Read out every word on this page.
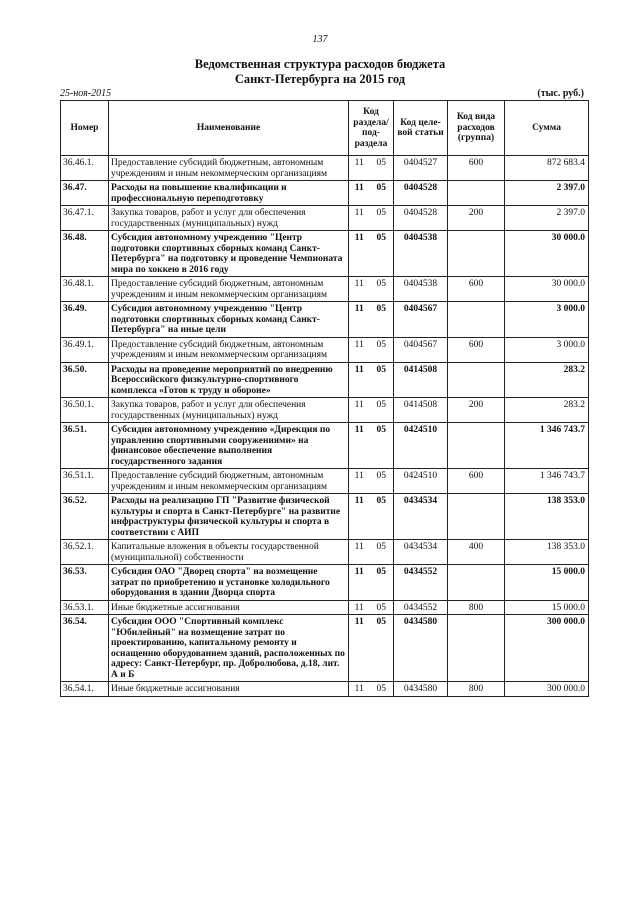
137
Ведомственная структура расходов бюджета
Санкт-Петербурга на 2015 год
25-ноя-2015	(тыс. руб.)
Номер	Наименование	Код раздела/ под-раздела		Код целе-вой статьи	Код вида расходов (группа)	Сумма
36.46.1.	Предоставление субсидий бюджетным, автономным учреждениям и иным некоммерческим организациям	11	05	0404527	600	872 683.4
36.47.	Расходы на повышение квалификации и профессиональную переподготовку	11	05	0404528		2 397.0
36.47.1.	Закупка товаров, работ и услуг для обеспечения государственных (муниципальных) нужд	11	05	0404528	200	2 397.0
36.48.	Субсидия автономному учреждению "Центр подготовки спортивных сборных команд Санкт-Петербурга" на подготовку и проведение Чемпионата мира по хоккею в 2016 году	11	05	0404538		30 000.0
36.48.1.	Предоставление субсидий бюджетным, автономным учреждениям и иным некоммерческим организациям	11	05	0404538	600	30 000.0
36.49.	Субсидия автономному учреждению "Центр подготовки спортивных сборных команд Санкт-Петербурга" на иные цели	11	05	0404567		3 000.0
36.49.1.	Предоставление субсидий бюджетным, автономным учреждениям и иным некоммерческим организациям	11	05	0404567	600	3 000.0
36.50.	Расходы на проведение мероприятий по внедрению Всероссийского физкультурно-спортивного комплекса «Готов к труду и обороне»	11	05	0414508		283.2
36.50.1.	Закупка товаров, работ и услуг для обеспечения государственных (муниципальных) нужд	11	05	0414508	200	283.2
36.51.	Субсидия автономному учреждению «Дирекция по управлению спортивными сооружениями» на финансовое обеспечение выполнения государственного задания	11	05	0424510		1 346 743.7
36.51.1.	Предоставление субсидий бюджетным, автономным учреждениям и иным некоммерческим организациям	11	05	0424510	600	1 346 743.7
36.52.	Расходы на реализацию ГП "Развитие физической культуры и спорта в Санкт-Петербурге" на развитие инфраструктуры физической культуры и спорта в соответствии с АИП	11	05	0434534		138 353.0
36.52.1.	Капитальные вложения в объекты государственной (муниципальной) собственности	11	05	0434534	400	138 353.0
36.53.	Субсидия ОАО "Дворец спорта" на возмещение затрат по приобретению и установке холодильного оборудования в здании Дворца спорта	11	05	0434552		15 000.0
36.53.1.	Иные бюджетные ассигнования	11	05	0434552	800	15 000.0
36.54.	Субсидия ООО "Спортивный комплекс "Юбилейный" на возмещение затрат по проектированию, капитальному ремонту и оснащению оборудованием зданий, расположенных по адресу: Санкт-Петербург, пр. Добролюбова, д.18, лит. А и Б	11	05	0434580		300 000.0
36.54.1.	Иные бюджетные ассигнования	11	05	0434580	800	300 000.0
